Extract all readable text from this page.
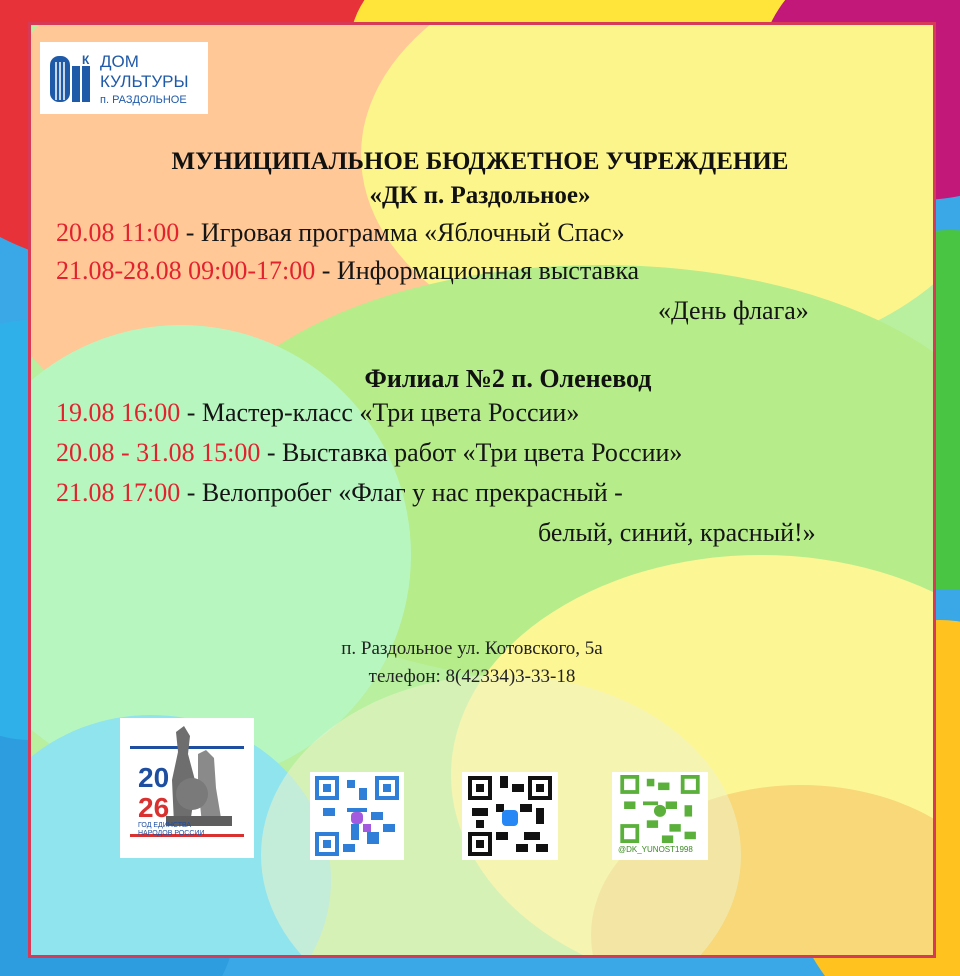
К ДОМ
КУЛЬТУРЫ
п. РАЗДОЛЬНОЕ
МУНИЦИПАЛЬНОЕ БЮДЖЕТНОЕ УЧРЕЖДЕНИЕ
«ДК п. Раздольное»
20.08 11:00 - Игровая программа «Яблочный Спас»
21.08-28.08 09:00-17:00 - Информационная выставка
«День флага»
Филиал №2 п. Оленевод
19.08 16:00 - Мастер-класс «Три цвета России»
20.08 - 31.08 15:00 - Выставка работ «Три цвета России»
21.08 17:00 - Велопробег «Флаг у нас прекрасный -
белый, синий, красный!»
п. Раздольное ул. Котовского, 5а
телефон: 8(42334)3-33-18
20
26
ГОД ЕДИНСТВА
НАРОДОВ РОССИИ
@DK_YUNOST1998
